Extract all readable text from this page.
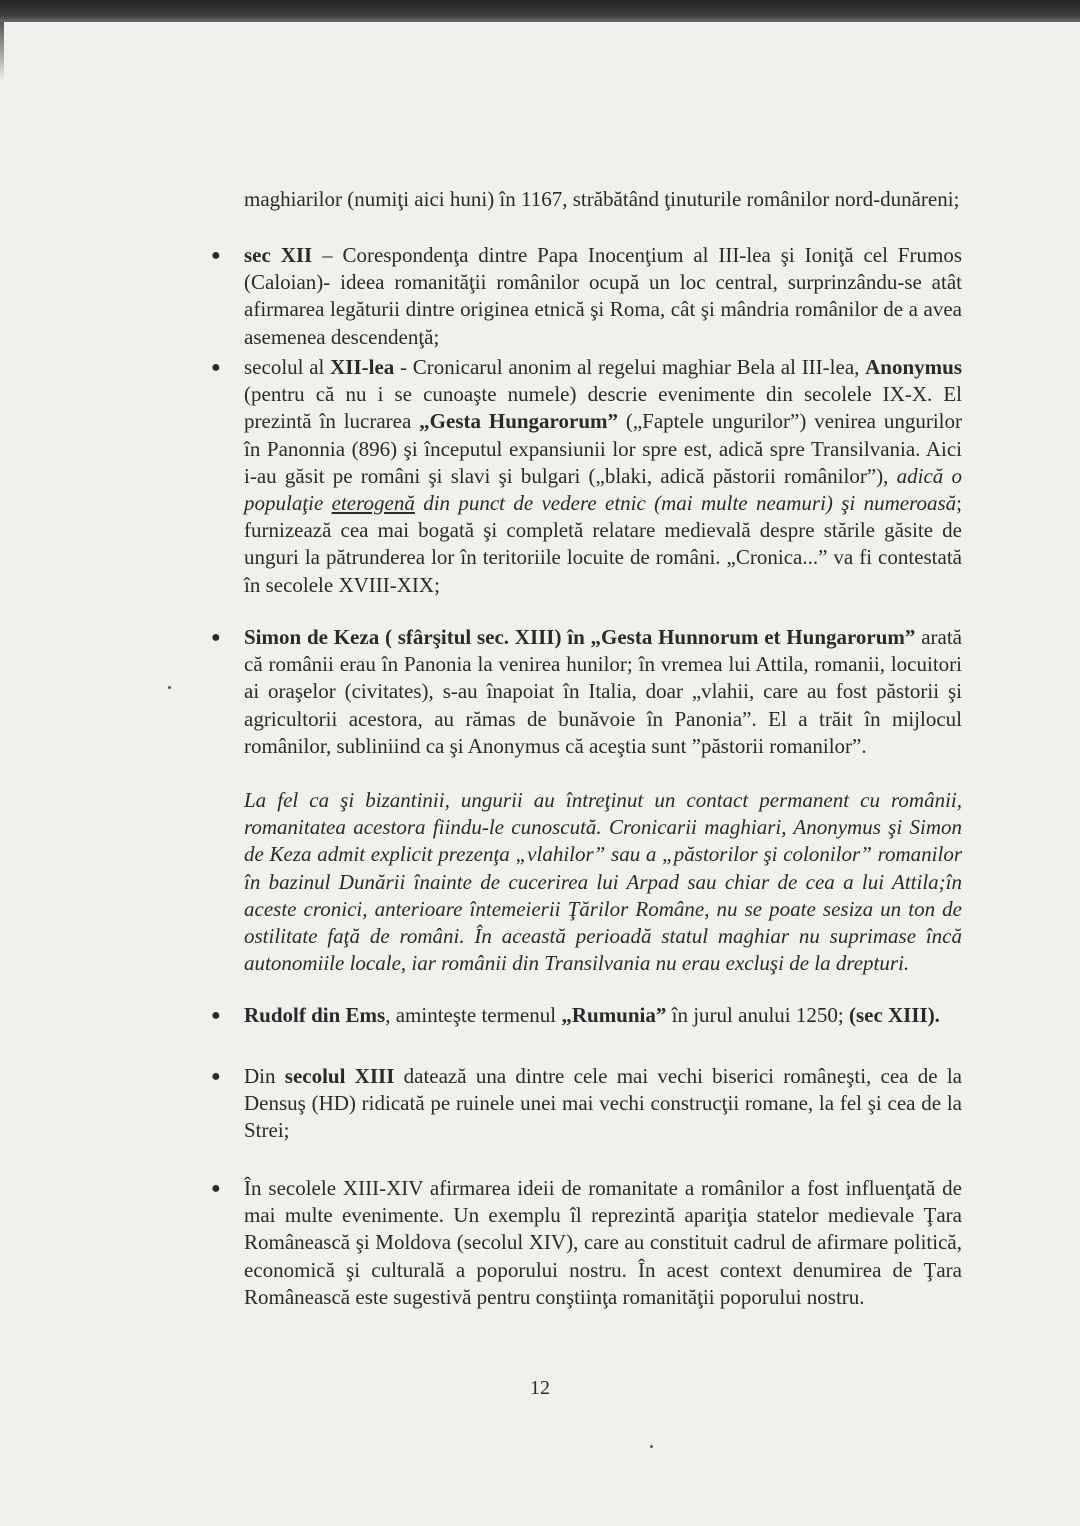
maghiarilor (numiţi aici huni) în 1167, străbătând ţinuturile românilor nord-dunăreni;

● sec XII – Corespondenţa dintre Papa Inocenţium al III-lea şi Ioniţă cel Frumos (Caloian)- ideea romanităţii românilor ocupă un loc central, surprinzându-se atât afirmarea legăturii dintre originea etnică şi Roma, cât şi mândria românilor de a avea asemenea descendenţă;

● secolul al XII-lea - Cronicarul anonim al regelui maghiar Bela al III-lea, Anonymus (pentru că nu i se cunoaşte numele) descrie evenimente din secolele IX-X. El prezintă în lucrarea „Gesta Hungarorum” („Faptele ungurilor”) venirea ungurilor în Panonnia (896) şi începutul expansiunii lor spre est, adică spre Transilvania. Aici i-au găsit pe români şi slavi şi bulgari („blaki, adică păstorii românilor”), adică o populaţie eterogenă din punct de vedere etnic (mai multe neamuri) şi numeroasă; furnizează cea mai bogată şi completă relatare medievală despre stările găsite de unguri la pătrunderea lor în teritoriile locuite de români. „Cronica...” va fi contestată în secolele XVIII-XIX;

● Simon de Keza ( sfârşitul sec. XIII) în „Gesta Hunnorum et Hungarorum” arată că românii erau în Panonia la venirea hunilor; în vremea lui Attila, romanii, locuitori ai oraşelor (civitates), s-au înapoiat în Italia, doar „vlahii, care au fost păstorii şi agricultorii acestora, au rămas de bunăvoie în Panonia”. El a trăit în mijlocul românilor, subliniind ca şi Anonymus că aceştia sunt ”păstorii romanilor”.

La fel ca şi bizantinii, ungurii au întreţinut un contact permanent cu românii, romanitatea acestora fiindu-le cunoscută. Cronicarii maghiari, Anonymus şi Simon de Keza admit explicit prezenţa „vlahilor” sau a „păstorilor şi colonilor” romanilor în bazinul Dunării înainte de cucerirea lui Arpad sau chiar de cea a lui Attila;în aceste cronici, anterioare întemeierii Ţărilor Române, nu se poate sesiza un ton de ostilitate faţă de români. În această perioadă statul maghiar nu suprimase încă autonomiile locale, iar românii din Transilvania nu erau excluşi de la drepturi.

● Rudolf din Ems, aminteşte termenul „Rumunia” în jurul anului 1250; (sec XIII).

● Din secolul XIII datează una dintre cele mai vechi biserici româneşti, cea de la Densuş (HD) ridicată pe ruinele unei mai vechi construcţii romane, la fel şi cea de la Strei;

● În secolele XIII-XIV afirmarea ideii de romanitate a românilor a fost influenţată de mai multe evenimente. Un exemplu îl reprezintă apariţia statelor medievale Ţara Românească şi Moldova (secolul XIV), care au constituit cadrul de afirmare politică, economică şi culturală a poporului nostru. În acest context denumirea de Ţara Românească este sugestivă pentru conştiinţa romanităţii poporului nostru.

12
